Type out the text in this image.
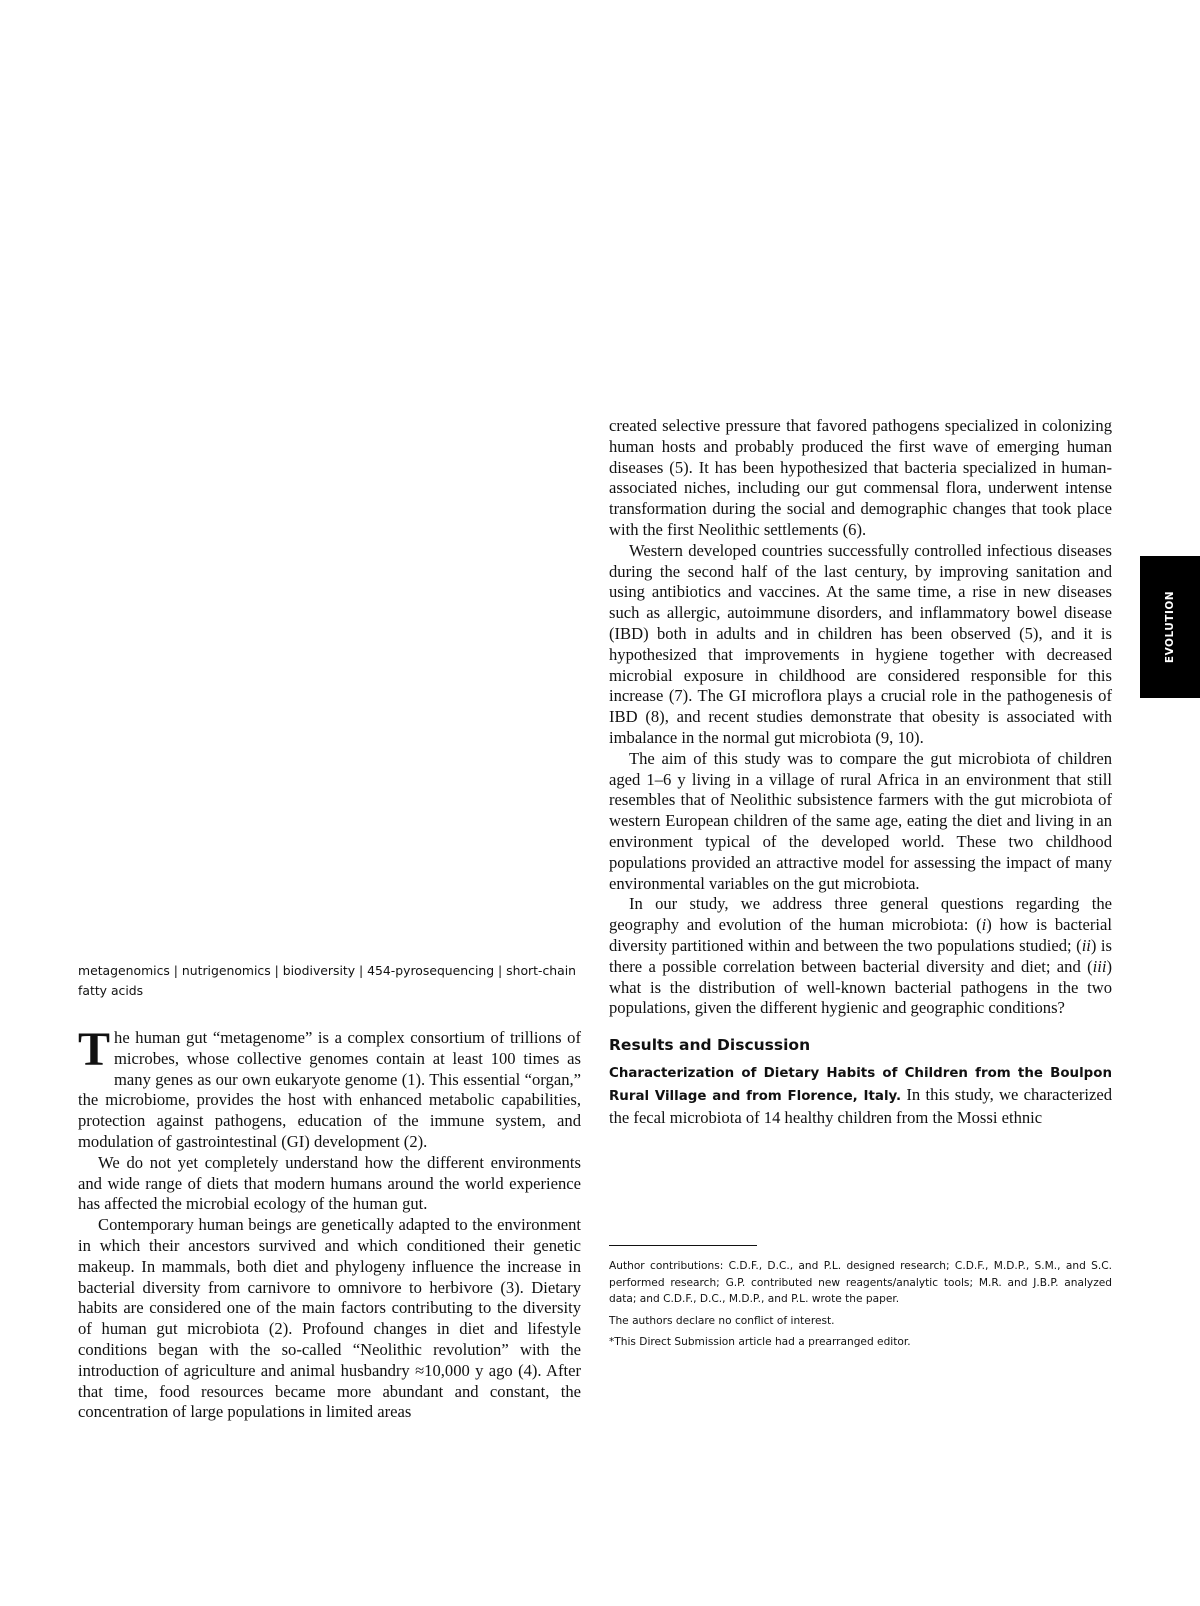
EVOLUTION
metagenomics | nutrigenomics | biodiversity | 454-pyrosequencing | short-chain fatty acids

The human gut “metagenome” is a complex consortium of trillions of microbes, whose collective genomes contain at least 100 times as many genes as our own eukaryote genome (1). This essential “organ,” the microbiome, provides the host with enhanced metabolic capabilities, protection against pathogens, education of the immune system, and modulation of gastrointestinal (GI) development (2).

We do not yet completely understand how the different environments and wide range of diets that modern humans around the world experience has affected the microbial ecology of the human gut.

Contemporary human beings are genetically adapted to the environment in which their ancestors survived and which conditioned their genetic makeup. In mammals, both diet and phylogeny influence the increase in bacterial diversity from carnivore to omnivore to herbivore (3). Dietary habits are considered one of the main factors contributing to the diversity of human gut microbiota (2). Profound changes in diet and lifestyle conditions began with the so-called “Neolithic revolution” with the introduction of agriculture and animal husbandry ≈10,000 y ago (4). After that time, food resources became more abundant and constant, the concentration of large populations in limited areas

created selective pressure that favored pathogens specialized in colonizing human hosts and probably produced the first wave of emerging human diseases (5). It has been hypothesized that bacteria specialized in human-associated niches, including our gut commensal flora, underwent intense transformation during the social and demographic changes that took place with the first Neolithic settlements (6).

Western developed countries successfully controlled infectious diseases during the second half of the last century, by improving sanitation and using antibiotics and vaccines. At the same time, a rise in new diseases such as allergic, autoimmune disorders, and inflammatory bowel disease (IBD) both in adults and in children has been observed (5), and it is hypothesized that improvements in hygiene together with decreased microbial exposure in childhood are considered responsible for this increase (7). The GI microflora plays a crucial role in the pathogenesis of IBD (8), and recent studies demonstrate that obesity is associated with imbalance in the normal gut microbiota (9, 10).

The aim of this study was to compare the gut microbiota of children aged 1–6 y living in a village of rural Africa in an environment that still resembles that of Neolithic subsistence farmers with the gut microbiota of western European children of the same age, eating the diet and living in an environment typical of the developed world. These two childhood populations provided an attractive model for assessing the impact of many environmental variables on the gut microbiota.

In our study, we address three general questions regarding the geography and evolution of the human microbiota: (i) how is bacterial diversity partitioned within and between the two populations studied; (ii) is there a possible correlation between bacterial diversity and diet; and (iii) what is the distribution of well-known bacterial pathogens in the two populations, given the different hygienic and geographic conditions?

Results and Discussion

Characterization of Dietary Habits of Children from the Boulpon Rural Village and from Florence, Italy. In this study, we characterized the fecal microbiota of 14 healthy children from the Mossi ethnic

Author contributions: C.D.F., D.C., and P.L. designed research; C.D.F., M.D.P., S.M., and S.C. performed research; G.P. contributed new reagents/analytic tools; M.R. and J.B.P. analyzed data; and C.D.F., D.C., M.D.P., and P.L. wrote the paper.

The authors declare no conflict of interest.

*This Direct Submission article had a prearranged editor.
